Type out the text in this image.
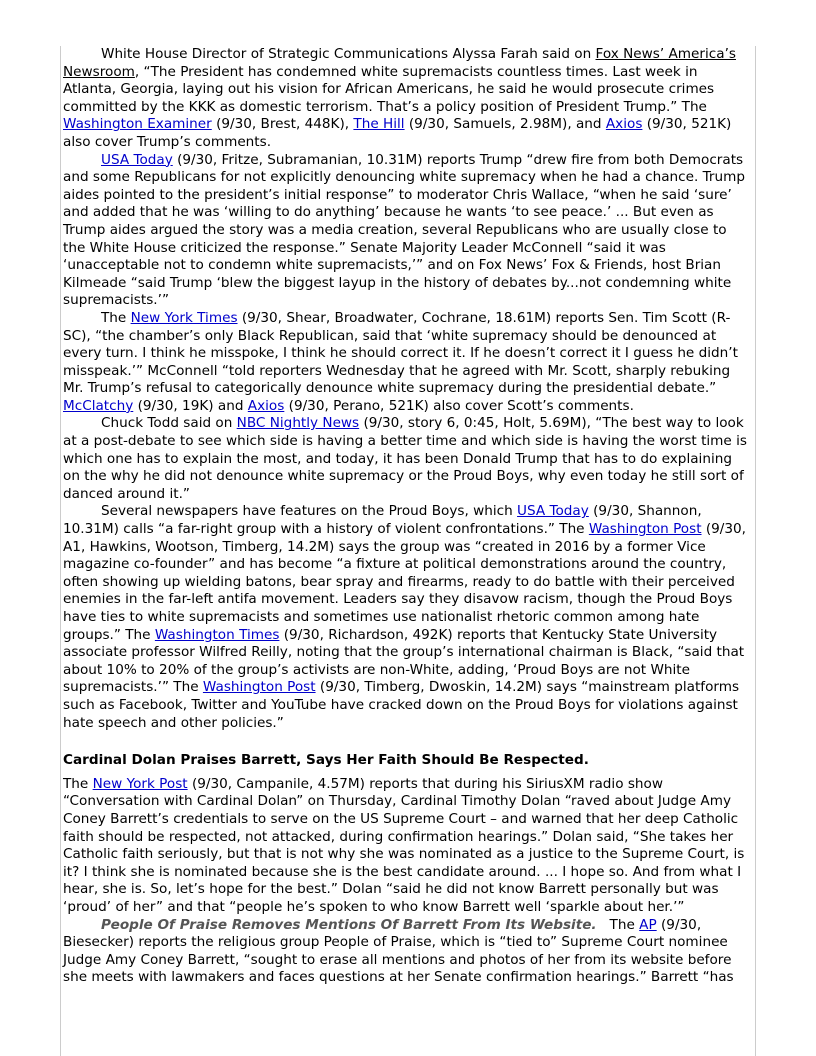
White House Director of Strategic Communications Alyssa Farah said on Fox News’ America’s Newsroom, “The President has condemned white supremacists countless times. Last week in Atlanta, Georgia, laying out his vision for African Americans, he said he would prosecute crimes committed by the KKK as domestic terrorism. That’s a policy position of President Trump.” The Washington Examiner (9/30, Brest, 448K), The Hill (9/30, Samuels, 2.98M), and Axios (9/30, 521K) also cover Trump’s comments.

USA Today (9/30, Fritze, Subramanian, 10.31M) reports Trump “drew fire from both Democrats and some Republicans for not explicitly denouncing white supremacy when he had a chance. Trump aides pointed to the president’s initial response” to moderator Chris Wallace, “when he said ‘sure’ and added that he was ‘willing to do anything’ because he wants ‘to see peace.’ ... But even as Trump aides argued the story was a media creation, several Republicans who are usually close to the White House criticized the response.” Senate Majority Leader McConnell “said it was ‘unacceptable not to condemn white supremacists,’” and on Fox News’ Fox & Friends, host Brian Kilmeade “said Trump ‘blew the biggest layup in the history of debates by...not condemning white supremacists.’”

The New York Times (9/30, Shear, Broadwater, Cochrane, 18.61M) reports Sen. Tim Scott (R-SC), “the chamber’s only Black Republican, said that ‘white supremacy should be denounced at every turn. I think he misspoke, I think he should correct it. If he doesn’t correct it I guess he didn’t misspeak.’” McConnell “told reporters Wednesday that he agreed with Mr. Scott, sharply rebuking Mr. Trump’s refusal to categorically denounce white supremacy during the presidential debate.” McClatchy (9/30, 19K) and Axios (9/30, Perano, 521K) also cover Scott’s comments.

Chuck Todd said on NBC Nightly News (9/30, story 6, 0:45, Holt, 5.69M), “The best way to look at a post-debate to see which side is having a better time and which side is having the worst time is which one has to explain the most, and today, it has been Donald Trump that has to do explaining on the why he did not denounce white supremacy or the Proud Boys, why even today he still sort of danced around it.”

Several newspapers have features on the Proud Boys, which USA Today (9/30, Shannon, 10.31M) calls “a far-right group with a history of violent confrontations.” The Washington Post (9/30, A1, Hawkins, Wootson, Timberg, 14.2M) says the group was “created in 2016 by a former Vice magazine co-founder” and has become “a fixture at political demonstrations around the country, often showing up wielding batons, bear spray and firearms, ready to do battle with their perceived enemies in the far-left antifa movement. Leaders say they disavow racism, though the Proud Boys have ties to white supremacists and sometimes use nationalist rhetoric common among hate groups.” The Washington Times (9/30, Richardson, 492K) reports that Kentucky State University associate professor Wilfred Reilly, noting that the group’s international chairman is Black, “said that about 10% to 20% of the group’s activists are non-White, adding, ‘Proud Boys are not White supremacists.’” The Washington Post (9/30, Timberg, Dwoskin, 14.2M) says “mainstream platforms such as Facebook, Twitter and YouTube have cracked down on the Proud Boys for violations against hate speech and other policies.”

Cardinal Dolan Praises Barrett, Says Her Faith Should Be Respected.

The New York Post (9/30, Campanile, 4.57M) reports that during his SiriusXM radio show “Conversation with Cardinal Dolan” on Thursday, Cardinal Timothy Dolan “raved about Judge Amy Coney Barrett’s credentials to serve on the US Supreme Court – and warned that her deep Catholic faith should be respected, not attacked, during confirmation hearings.” Dolan said, “She takes her Catholic faith seriously, but that is not why she was nominated as a justice to the Supreme Court, is it? I think she is nominated because she is the best candidate around. ... I hope so. And from what I hear, she is. So, let’s hope for the best.” Dolan “said he did not know Barrett personally but was ‘proud’ of her” and that “people he’s spoken to who know Barrett well ‘sparkle about her.’”

People Of Praise Removes Mentions Of Barrett From Its Website.   The AP (9/30, Biesecker) reports the religious group People of Praise, which is “tied to” Supreme Court nominee Judge Amy Coney Barrett, “sought to erase all mentions and photos of her from its website before she meets with lawmakers and faces questions at her Senate confirmation hearings.” Barrett “has
